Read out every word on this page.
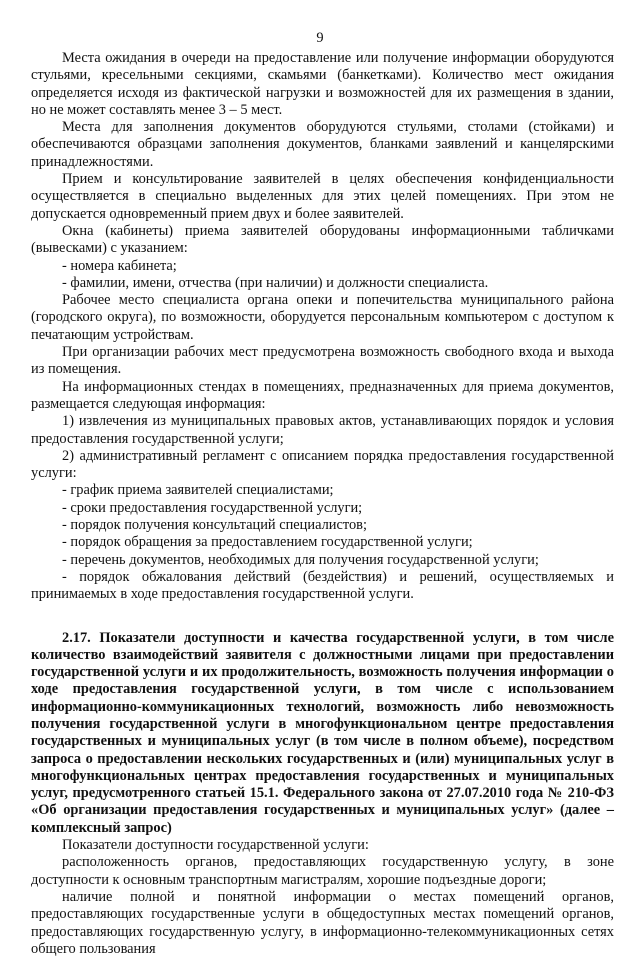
9

Места ожидания в очереди на предоставление или получение информации оборудуются стульями, кресельными секциями, скамьями (банкетками). Количество мест ожидания определяется исходя из фактической нагрузки и возможностей для их размещения в здании, но не может составлять менее 3 – 5 мест.

Места для заполнения документов оборудуются стульями, столами (стойками) и обеспечиваются образцами заполнения документов, бланками заявлений и канцелярскими принадлежностями.

Прием и консультирование заявителей в целях обеспечения конфиденциальности осуществляется в специально выделенных для этих целей помещениях. При этом не допускается одновременный прием двух и более заявителей.

Окна (кабинеты) приема заявителей оборудованы информационными табличками (вывесками) с указанием:

- номера кабинета;

- фамилии, имени, отчества (при наличии) и должности специалиста.

Рабочее место специалиста органа опеки и попечительства муниципального района (городского округа), по возможности, оборудуется персональным компьютером с доступом к печатающим устройствам.

При организации рабочих мест предусмотрена возможность свободного входа и выхода из помещения.

На информационных стендах в помещениях, предназначенных для приема документов, размещается следующая информация:

1) извлечения из муниципальных правовых актов, устанавливающих порядок и условия предоставления государственной услуги;

2) административный регламент с описанием порядка предоставления государственной услуги:

- график приема заявителей специалистами;

- сроки предоставления государственной услуги;

- порядок получения консультаций специалистов;

- порядок обращения за предоставлением государственной услуги;

- перечень документов, необходимых для получения государственной услуги;

- порядок обжалования действий (бездействия) и решений, осуществляемых и принимаемых в ходе предоставления государственной услуги.

2.17. Показатели доступности и качества государственной услуги, в том числе количество взаимодействий заявителя с должностными лицами при предоставлении государственной услуги и их продолжительность, возможность получения информации о ходе предоставления государственной услуги, в том числе с использованием информационно-коммуникационных технологий, возможность либо невозможность получения государственной услуги в многофункциональном центре предоставления государственных и муниципальных услуг (в том числе в полном объеме), посредством запроса о предоставлении нескольких государственных и (или) муниципальных услуг в многофункциональных центрах предоставления государственных и муниципальных услуг, предусмотренного статьей 15.1. Федерального закона от 27.07.2010 года № 210-ФЗ «Об организации предоставления государственных и муниципальных услуг» (далее – комплексный запрос)

Показатели доступности государственной услуги:

расположенность органов, предоставляющих государственную услугу, в зоне доступности к основным транспортным магистралям, хорошие подъездные дороги;

наличие полной и понятной информации о местах помещений органов, предоставляющих государственные услуги в общедоступных местах помещений органов, предоставляющих государственную услугу, в информационно-телекоммуникационных сетях общего пользования
